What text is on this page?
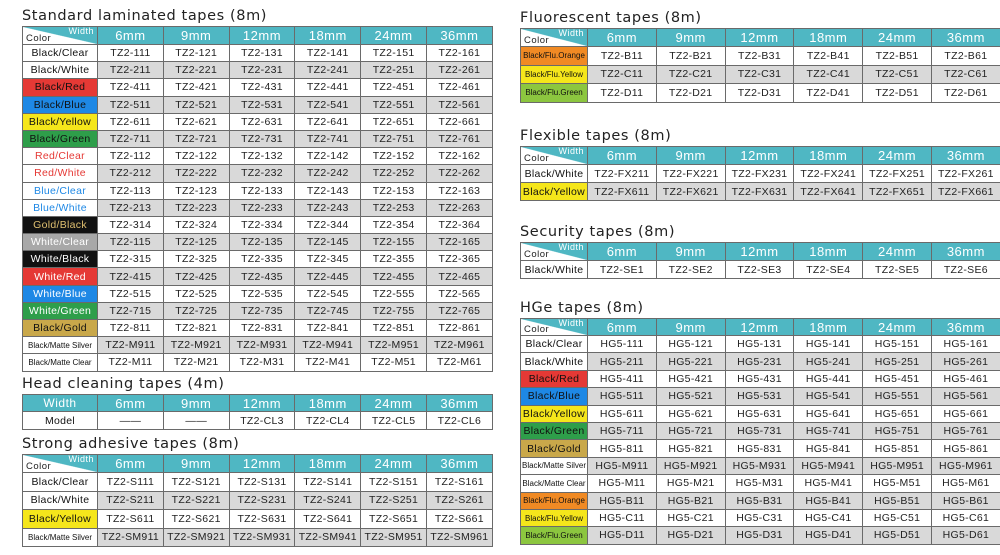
Standard laminated tapes (8m)
Width
Color	6mm	9mm	12mm	18mm	24mm	36mm
Black/Clear	TZ2-111	TZ2-121	TZ2-131	TZ2-141	TZ2-151	TZ2-161
Black/White	TZ2-211	TZ2-221	TZ2-231	TZ2-241	TZ2-251	TZ2-261
Black/Red	TZ2-411	TZ2-421	TZ2-431	TZ2-441	TZ2-451	TZ2-461
Black/Blue	TZ2-511	TZ2-521	TZ2-531	TZ2-541	TZ2-551	TZ2-561
Black/Yellow	TZ2-611	TZ2-621	TZ2-631	TZ2-641	TZ2-651	TZ2-661
Black/Green	TZ2-711	TZ2-721	TZ2-731	TZ2-741	TZ2-751	TZ2-761
Red/Clear	TZ2-112	TZ2-122	TZ2-132	TZ2-142	TZ2-152	TZ2-162
Red/White	TZ2-212	TZ2-222	TZ2-232	TZ2-242	TZ2-252	TZ2-262
Blue/Clear	TZ2-113	TZ2-123	TZ2-133	TZ2-143	TZ2-153	TZ2-163
Blue/White	TZ2-213	TZ2-223	TZ2-233	TZ2-243	TZ2-253	TZ2-263
Gold/Black	TZ2-314	TZ2-324	TZ2-334	TZ2-344	TZ2-354	TZ2-364
White/Clear	TZ2-115	TZ2-125	TZ2-135	TZ2-145	TZ2-155	TZ2-165
White/Black	TZ2-315	TZ2-325	TZ2-335	TZ2-345	TZ2-355	TZ2-365
White/Red	TZ2-415	TZ2-425	TZ2-435	TZ2-445	TZ2-455	TZ2-465
White/Blue	TZ2-515	TZ2-525	TZ2-535	TZ2-545	TZ2-555	TZ2-565
White/Green	TZ2-715	TZ2-725	TZ2-735	TZ2-745	TZ2-755	TZ2-765
Black/Gold	TZ2-811	TZ2-821	TZ2-831	TZ2-841	TZ2-851	TZ2-861
Black/Matte Silver	TZ2-M911	TZ2-M921	TZ2-M931	TZ2-M941	TZ2-M951	TZ2-M961
Black/Matte Clear	TZ2-M11	TZ2-M21	TZ2-M31	TZ2-M41	TZ2-M51	TZ2-M61
Head cleaning tapes (4m)
Width	6mm	9mm	12mm	18mm	24mm	36mm
Model	——	——	TZ2-CL3	TZ2-CL4	TZ2-CL5	TZ2-CL6
Strong adhesive tapes (8m)
Width
Color	6mm	9mm	12mm	18mm	24mm	36mm
Black/Clear	TZ2-S111	TZ2-S121	TZ2-S131	TZ2-S141	TZ2-S151	TZ2-S161
Black/White	TZ2-S211	TZ2-S221	TZ2-S231	TZ2-S241	TZ2-S251	TZ2-S261
Black/Yellow	TZ2-S611	TZ2-S621	TZ2-S631	TZ2-S641	TZ2-S651	TZ2-S661
Black/Matte Silver	TZ2-SM911	TZ2-SM921	TZ2-SM931	TZ2-SM941	TZ2-SM951	TZ2-SM961
Fluorescent tapes (8m)
Width
Color	6mm	9mm	12mm	18mm	24mm	36mm
Black/Flu.Orange	TZ2-B11	TZ2-B21	TZ2-B31	TZ2-B41	TZ2-B51	TZ2-B61
Black/Flu.Yellow	TZ2-C11	TZ2-C21	TZ2-C31	TZ2-C41	TZ2-C51	TZ2-C61
Black/Flu.Green	TZ2-D11	TZ2-D21	TZ2-D31	TZ2-D41	TZ2-D51	TZ2-D61
Flexible tapes (8m)
Width
Color	6mm	9mm	12mm	18mm	24mm	36mm
Black/White	TZ2-FX211	TZ2-FX221	TZ2-FX231	TZ2-FX241	TZ2-FX251	TZ2-FX261
Black/Yellow	TZ2-FX611	TZ2-FX621	TZ2-FX631	TZ2-FX641	TZ2-FX651	TZ2-FX661
Security tapes (8m)
Width
Color	6mm	9mm	12mm	18mm	24mm	36mm
Black/White	TZ2-SE1	TZ2-SE2	TZ2-SE3	TZ2-SE4	TZ2-SE5	TZ2-SE6
HGe tapes (8m)
Width
Color	6mm	9mm	12mm	18mm	24mm	36mm
Black/Clear	HG5-111	HG5-121	HG5-131	HG5-141	HG5-151	HG5-161
Black/White	HG5-211	HG5-221	HG5-231	HG5-241	HG5-251	HG5-261
Black/Red	HG5-411	HG5-421	HG5-431	HG5-441	HG5-451	HG5-461
Black/Blue	HG5-511	HG5-521	HG5-531	HG5-541	HG5-551	HG5-561
Black/Yellow	HG5-611	HG5-621	HG5-631	HG5-641	HG5-651	HG5-661
Black/Green	HG5-711	HG5-721	HG5-731	HG5-741	HG5-751	HG5-761
Black/Gold	HG5-811	HG5-821	HG5-831	HG5-841	HG5-851	HG5-861
Black/Matte Silver	HG5-M911	HG5-M921	HG5-M931	HG5-M941	HG5-M951	HG5-M961
Black/Matte Clear	HG5-M11	HG5-M21	HG5-M31	HG5-M41	HG5-M51	HG5-M61
Black/Flu.Orange	HG5-B11	HG5-B21	HG5-B31	HG5-B41	HG5-B51	HG5-B61
Black/Flu.Yellow	HG5-C11	HG5-C21	HG5-C31	HG5-C41	HG5-C51	HG5-C61
Black/Flu.Green	HG5-D11	HG5-D21	HG5-D31	HG5-D41	HG5-D51	HG5-D61
